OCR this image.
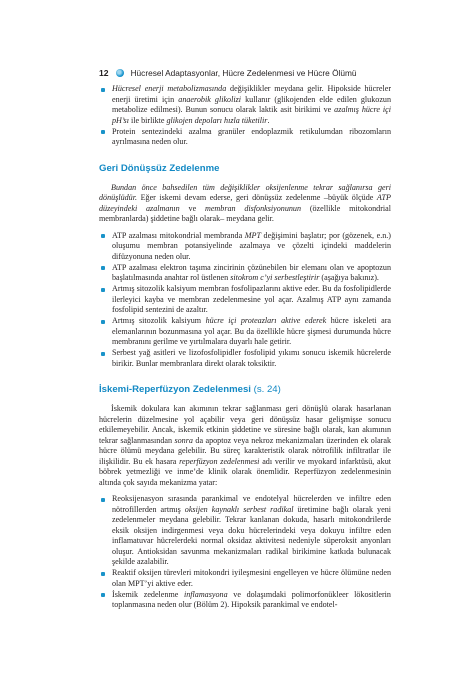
12	Hücresel Adaptasyonlar, Hücre Zedelenmesi ve Hücre Ölümü
Hücresel enerji metabolizmasında değişiklikler meydana gelir. Hipokside hücreler enerji üretimi için anaerobik glikolizi kullanır (glikojenden elde edilen glukozun metabolize edilmesi). Bunun sonucu olarak laktik asit birikimi ve azalmış hücre içi pH’sı ile birlikte glikojen depoları hızla tüketilir.
Protein sentezindeki azalma granüler endoplazmik retikulumdan ribozomların ayrılmasına neden olur.
Geri Dönüşsüz Zedelenme

Bundan önce bahsedilen tüm değişiklikler oksijenlenme tekrar sağlanırsa geri dönüşlüdür. Eğer iskemi devam ederse, geri dönüşsüz zedelenme –büyük ölçüde ATP düzeyindeki azalmanın ve membran disfonksiyonunun (özellikle mitokondrial membranlarda) şiddetine bağlı olarak– meydana gelir.

ATP azalması mitokondrial membranda MPT değişimini başlatır; por (gözenek, e.n.) oluşumu membran potansiyelinde azalmaya ve çözelti içindeki maddelerin difüzyonuna neden olur.
ATP azalması elektron taşıma zincirinin çözünebilen bir elemanı olan ve apoptozun başlatılmasında anahtar rol üstlenen sitokrom c’yi serbestleştirir (aşağıya bakınız).
Artmış sitozolik kalsiyum membran fosfolipazlarını aktive eder. Bu da fosfolipidlerde ilerleyici kayba ve membran zedelenmesine yol açar. Azalmış ATP aynı zamanda fosfolipid sentezini de azaltır.
Artmış sitozolik kalsiyum hücre içi proteazları aktive ederek hücre iskeleti ara elemanlarının bozunmasına yol açar. Bu da özellikle hücre şişmesi durumunda hücre membranını gerilme ve yırtılmalara duyarlı hale getirir.
Serbest yağ asitleri ve lizofosfolipidler fosfolipid yıkımı sonucu iskemik hücrelerde birikir. Bunlar membranlara direkt olarak toksiktir.
İskemi-Reperfüzyon Zedelenmesi (s. 24)

İskemik dokulara kan akımının tekrar sağlanması geri dönüşlü olarak hasarlanan hücrelerin düzelmesine yol açabilir veya geri dönüşsüz hasar gelişmişse sonucu etkilemeyebilir. Ancak, iskemik etkinin şiddetine ve süresine bağlı olarak, kan akımının tekrar sağlanmasından sonra da apoptoz veya nekroz mekanizmaları üzerinden ek olarak hücre ölümü meydana gelebilir. Bu süreç karakteristik olarak nötrofilik infiltratlar ile ilişkilidir. Bu ek hasara reperfüzyon zedelenmesi adı verilir ve myokard infarktüsü, akut böbrek yetmezliği ve inme’de klinik olarak önemlidir. Reperfüzyon zedelenmesinin altında çok sayıda mekanizma yatar:

Reoksijenasyon sırasında parankimal ve endotelyal hücrelerden ve infiltre eden nötrofillerden artmış oksijen kaynaklı serbest radikal üretimine bağlı olarak yeni zedelenmeler meydana gelebilir. Tekrar kanlanan dokuda, hasarlı mitokondrilerde eksik oksijen indirgenmesi veya doku hücrelerindeki veya dokuyu infiltre eden inflamatuvar hücrelerdeki normal oksidaz aktivitesi nedeniyle süperoksit anyonları oluşur. Antioksidan savunma mekanizmaları radikal birikimine katkıda bulunacak şekilde azalabilir.
Reaktif oksijen türevleri mitokondri iyileşmesini engelleyen ve hücre ölümüne neden olan MPT’yi aktive eder.
İskemik zedelenme inflamasyona ve dolaşımdaki polimorfonükleer lökositlerin toplanmasına neden olur (Bölüm 2). Hipoksik parankimal ve endotel-
